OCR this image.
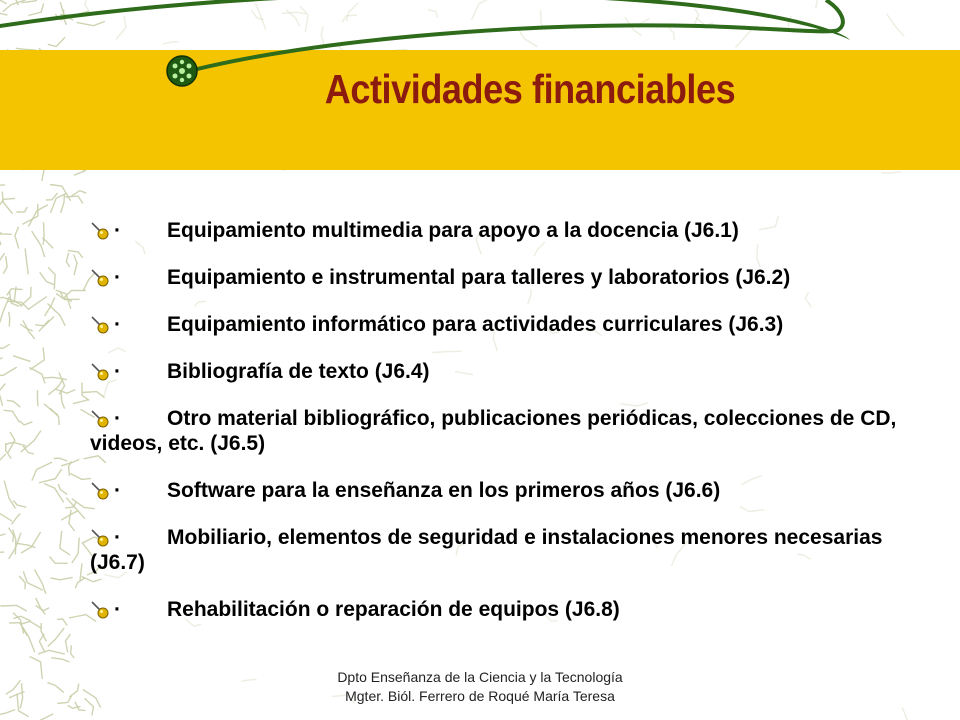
Actividades financiables
· Equipamiento multimedia para apoyo a la docencia (J6.1)
· Equipamiento e instrumental para talleres y laboratorios (J6.2)
· Equipamiento informático para actividades curriculares (J6.3)
· Bibliografía de texto (J6.4)
· Otro material bibliográfico, publicaciones periódicas, colecciones de CD, videos, etc. (J6.5)
· Software para la enseñanza en los primeros años (J6.6)
· Mobiliario, elementos de seguridad e instalaciones menores necesarias (J6.7)
· Rehabilitación o reparación de equipos (J6.8)
Dpto Enseñanza de la Ciencia y la Tecnología Mgter. Biól. Ferrero de Roqué María Teresa
